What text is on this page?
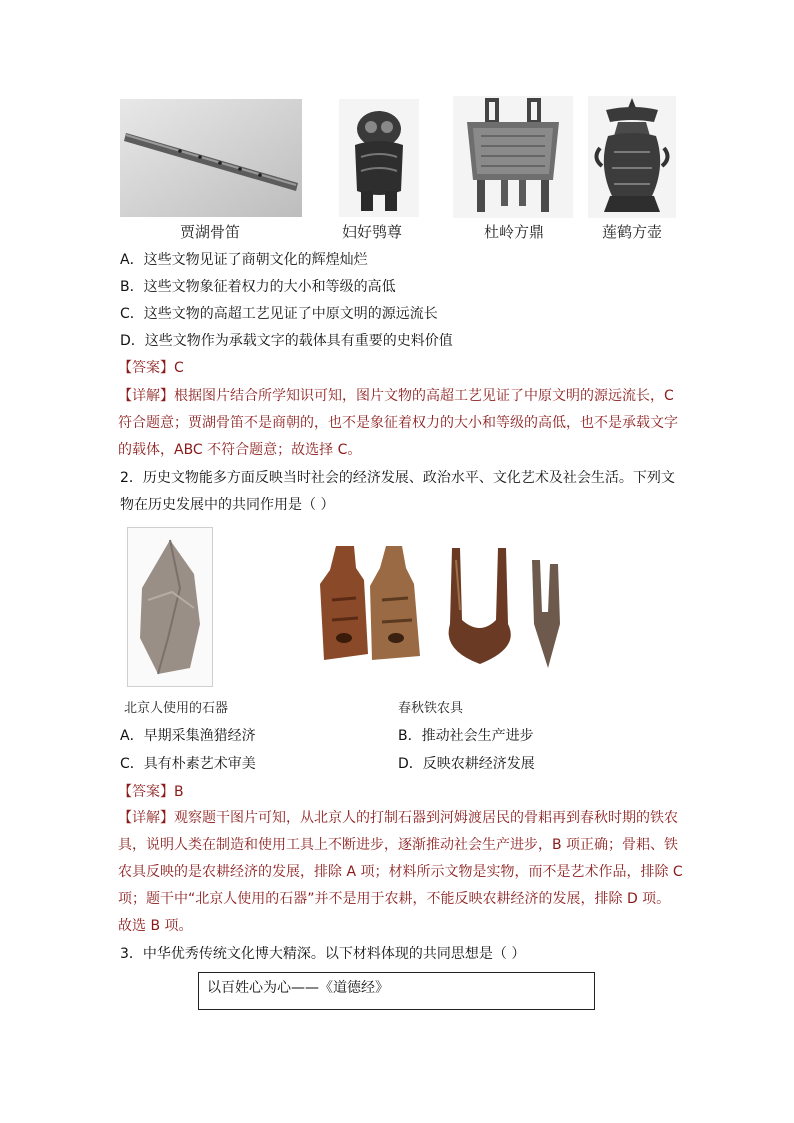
贾湖骨笛	妇好鸮尊	杜岭方鼎	莲鹤方壶
A．这些文物见证了商朝文化的辉煌灿烂
B．这些文物象征着权力的大小和等级的高低
C．这些文物的高超工艺见证了中原文明的源远流长
D．这些文物作为承载文字的载体具有重要的史料价值
【答案】C
【详解】根据图片结合所学知识可知，图片文物的高超工艺见证了中原文明的源远流长，C
符合题意；贾湖骨笛不是商朝的，也不是象征着权力的大小和等级的高低，也不是承载文字
的载体，ABC 不符合题意；故选择 C。
2．历史文物能多方面反映当时社会的经济发展、政治水平、文化艺术及社会生活。下列文
物在历史发展中的共同作用是（ ）
北京人使用的石器	春秋铁农具
A．早期采集渔猎经济	B．推动社会生产进步
C．具有朴素艺术审美	D．反映农耕经济发展
【答案】B
【详解】观察题干图片可知，从北京人的打制石器到河姆渡居民的骨耜再到春秋时期的铁农
具，说明人类在制造和使用工具上不断进步，逐渐推动社会生产进步，B 项正确；骨耜、铁
农具反映的是农耕经济的发展，排除 A 项；材料所示文物是实物，而不是艺术作品，排除 C
项；题干中“北京人使用的石器”并不是用于农耕，不能反映农耕经济的发展，排除 D 项。
故选 B 项。
3．中华优秀传统文化博大精深。以下材料体现的共同思想是（ ）
以百姓心为心——《道德经》
